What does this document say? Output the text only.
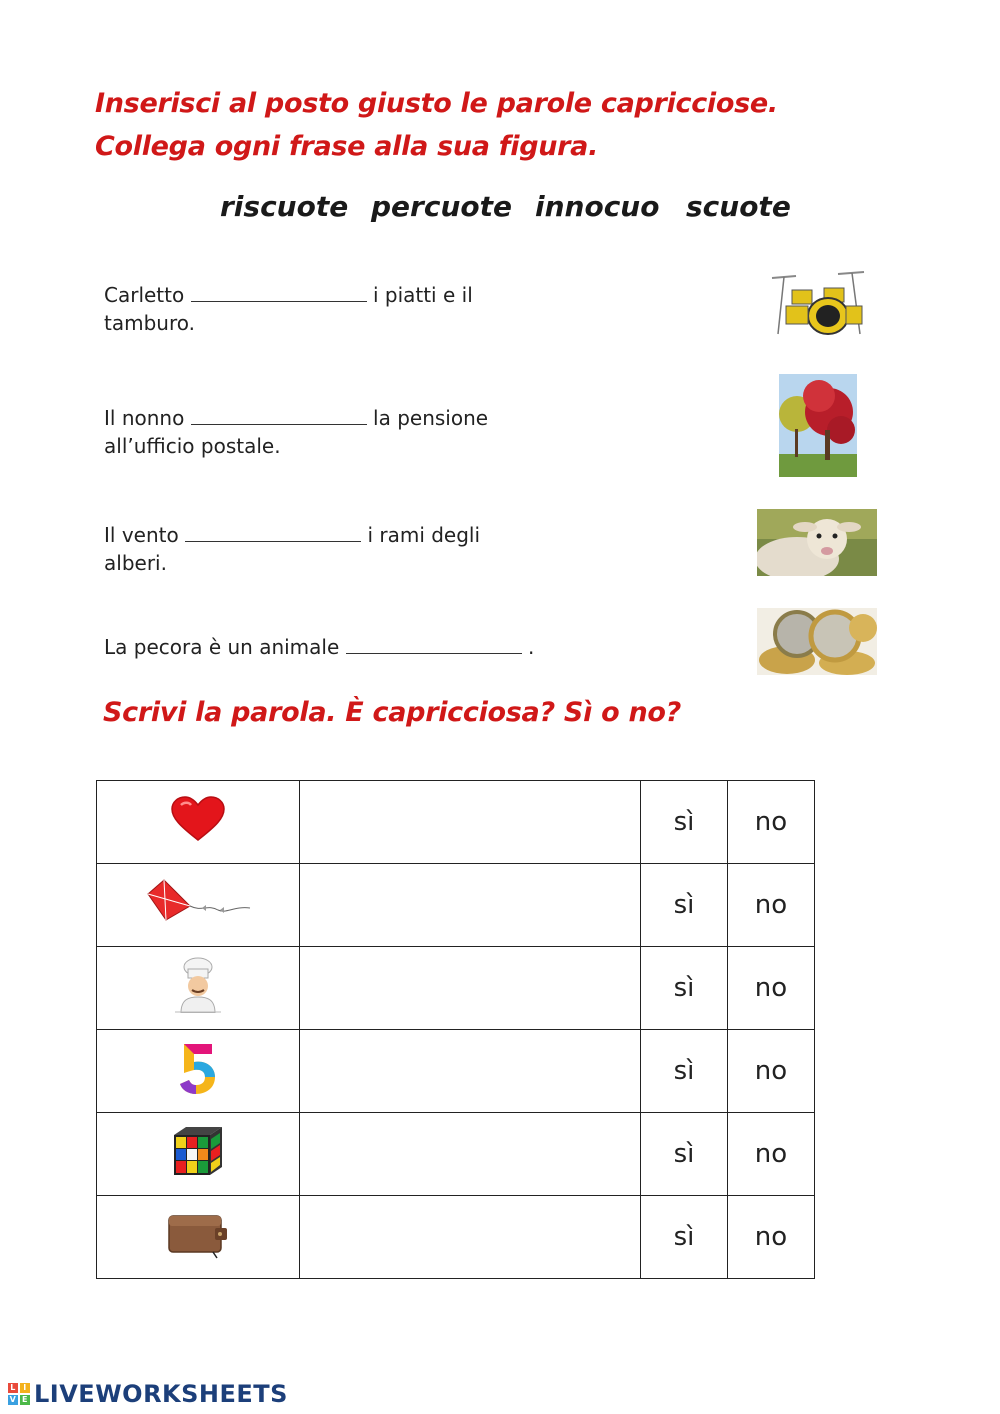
Inserisci al posto giusto le parole capricciose.
Collega ogni frase alla sua figura.
riscuote percuote innocuo scuote
Carletto	i piatti e il tamburo.
Il nonno	la pensione all’ufficio postale.
Il vento	i rami degli alberi.
La pecora è un animale	.
Scrivi la parola. È capricciosa? Sì o no?
		sì	no
		sì	no
		sì	no
		sì	no
		sì	no
		sì	no
L I
V E LIVEWORKSHEETS
